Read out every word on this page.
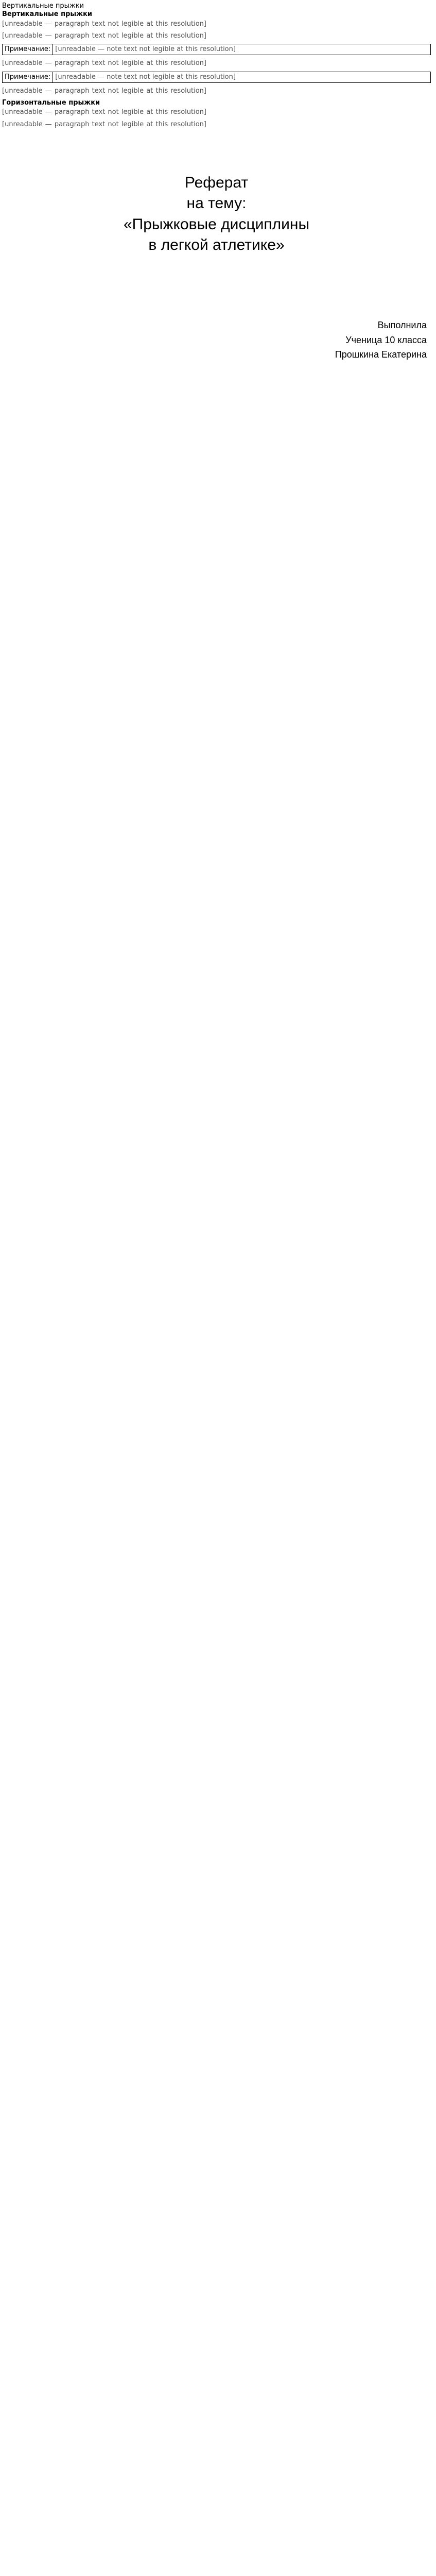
Вертикальные прыжки
Вертикальные прыжки

[unreadable — paragraph text not legible at this resolution]

[unreadable — paragraph text not legible at this resolution]

Примечание:	[unreadable — note text not legible at this resolution]

[unreadable — paragraph text not legible at this resolution]

Примечание:	[unreadable — note text not legible at this resolution]

[unreadable — paragraph text not legible at this resolution]

Горизонтальные прыжки

[unreadable — paragraph text not legible at this resolution]

[unreadable — paragraph text not legible at this resolution]

Реферат

на тему:

«Прыжковые дисциплины

в легкой атлетике»

Выполнила
Ученица 10 класса
Прошкина Екатерина
